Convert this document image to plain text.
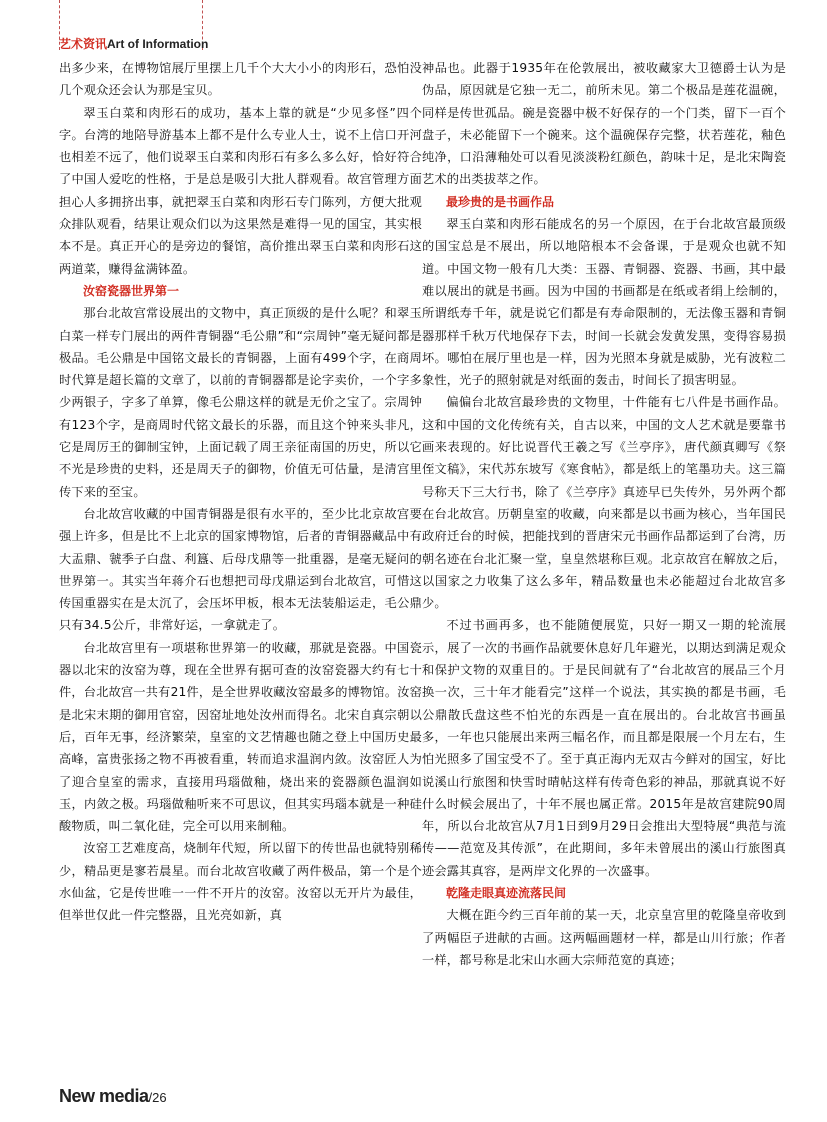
艺术资讯Art of Information

出多少来，在博物馆展厅里摆上几千个大大小小的肉形石，恐怕没几个观众还会认为那是宝贝。

翠玉白菜和肉形石的成功，基本上靠的就是“少见多怪”四个字。台湾的地陪导游基本上都不是什么专业人士，说不上信口开河也相差不远了，他们说翠玉白菜和肉形石有多么多么好，恰好符合了中国人爱吃的性格，于是总是吸引大批人群观看。故宫管理方面担心人多拥挤出事，就把翠玉白菜和肉形石专门陈列，方便大批观众排队观看，结果让观众们以为这果然是难得一见的国宝，其实根本不是。真正开心的是旁边的餐馆，高价推出翠玉白菜和肉形石这两道菜，赚得盆满钵盈。

汝窑瓷器世界第一

那台北故宫常设展出的文物中，真正顶级的是什么呢？和翠玉白菜一样专门展出的两件青铜器“毛公鼎”和“宗周钟”毫无疑问都是极品。毛公鼎是中国铭文最长的青铜器，上面有499个字，在商周时代算是超长篇的文章了，以前的青铜器都是论字卖价，一个字多少两银子，字多了单算，像毛公鼎这样的就是无价之宝了。宗周钟有123个字，是商周时代铭文最长的乐器，而且这个钟来头非凡，它是周厉王的御制宝钟，上面记载了周王亲征南国的历史，所以它不光是珍贵的史料，还是周天子的御物，价值无可估量，是清宫里传下来的至宝。

台北故宫收藏的中国青铜器是很有水平的，至少比北京故宫要强上许多，但是比不上北京的国家博物馆，后者的青铜器藏品中有大盂鼎、虢季子白盘、利簋、后母戊鼎等一批重器，是毫无疑问的世界第一。其实当年蒋介石也想把司母戊鼎运到台北故宫，可惜这传国重器实在是太沉了，会压坏甲板，根本无法装船运走，毛公鼎只有34.5公斤，非常好运，一拿就走了。

台北故宫里有一项堪称世界第一的收藏，那就是瓷器。中国瓷器以北宋的汝窑为尊，现在全世界有据可查的汝窑瓷器大约有七十件，台北故宫一共有21件，是全世界收藏汝窑最多的博物馆。汝窑是北宋末期的御用官窑，因窑址地处汝州而得名。北宋自真宗朝以后，百年无事，经济繁荣，皇室的文艺情趣也随之登上中国历史最高峰，富贵张扬之物不再被看重，转而追求温润内敛。汝窑匠人为了迎合皇室的需求，直接用玛瑙做釉，烧出来的瓷器颜色温润如玉，内敛之极。玛瑙做釉听来不可思议，但其实玛瑙本就是一种硅酸物质，叫二氧化硅，完全可以用来制釉。

汝窑工艺难度高，烧制年代短，所以留下的传世品也就特别稀少，精品更是寥若晨星。而台北故宫收藏了两件极品，第一个是个水仙盆，它是传世唯一一件不开片的汝窑。汝窑以无开片为最佳，但举世仅此一件完整器，且光亮如新，真

神品也。此器于1935年在伦敦展出，被收藏家大卫德爵士认为是伪品，原因就是它独一无二，前所未见。第二个极品是莲花温碗，同样是传世孤品。碗是瓷器中极不好保存的一个门类，留下一百个盘子，未必能留下一个碗来。这个温碗保存完整，状若莲花，釉色纯净，口沿薄釉处可以看见淡淡粉红颜色，韵味十足，是北宋陶瓷艺术的出类拔萃之作。

最珍贵的是书画作品

翠玉白菜和肉形石能成名的另一个原因，在于台北故宫最顶级的国宝总是不展出，所以地陪根本不会备课，于是观众也就不知道。中国文物一般有几大类：玉器、青铜器、瓷器、书画，其中最难以展出的就是书画。因为中国的书画都是在纸或者绢上绘制的，所谓纸寿千年，就是说它们都是有寿命限制的，无法像玉器和青铜器那样千秋万代地保存下去，时间一长就会发黄发黑，变得容易损坏。哪怕在展厅里也是一样，因为光照本身就是威胁，光有波粒二象性，光子的照射就是对纸面的轰击，时间长了损害明显。

偏偏台北故宫最珍贵的文物里，十件能有七八件是书画作品。这和中国的文化传统有关，自古以来，中国的文人艺术就是要靠书画来表现的。好比说晋代王羲之写《兰亭序》，唐代颜真卿写《祭侄文稿》，宋代苏东坡写《寒食帖》，都是纸上的笔墨功夫。这三篇号称天下三大行书，除了《兰亭序》真迹早已失传外，另外两个都在台北故宫。历朝皇室的收藏，向来都是以书画为核心，当年国民政府迁台的时候，把能找到的晋唐宋元书画作品都运到了台湾，历朝名迹在台北汇聚一堂，皇皇然堪称巨观。北京故宫在解放之后，以国家之力收集了这么多年，精品数量也未必能超过台北故宫多少。

不过书画再多，也不能随便展览，只好一期又一期的轮流展示，展了一次的书画作品就要休息好几年避光，以期达到满足观众和保护文物的双重目的。于是民间就有了“台北故宫的展品三个月换一次，三十年才能看完”这样一个说法，其实换的都是书画，毛公鼎散氏盘这些不怕光的东西是一直在展出的。台北故宫书画虽多，一年也只能展出来两三幅名作，而且都是限展一个月左右，生怕光照多了国宝受不了。至于真正海内无双古今鲜对的国宝，好比说溪山行旅图和快雪时晴帖这样有传奇色彩的神品，那就真说不好什么时候会展出了，十年不展也属正常。2015年是故宫建院90周年，所以台北故宫从7月1日到9月29日会推出大型特展“典范与流传——范宽及其传派”，在此期间，多年未曾展出的溪山行旅图真迹会露其真容，是两岸文化界的一次盛事。

乾隆走眼真迹流落民间

大概在距今约三百年前的某一天，北京皇宫里的乾隆皇帝收到了两幅臣子进献的古画。这两幅画题材一样，都是山川行旅；作者一样，都号称是北宋山水画大宗师范宽的真迹；

New media/26
